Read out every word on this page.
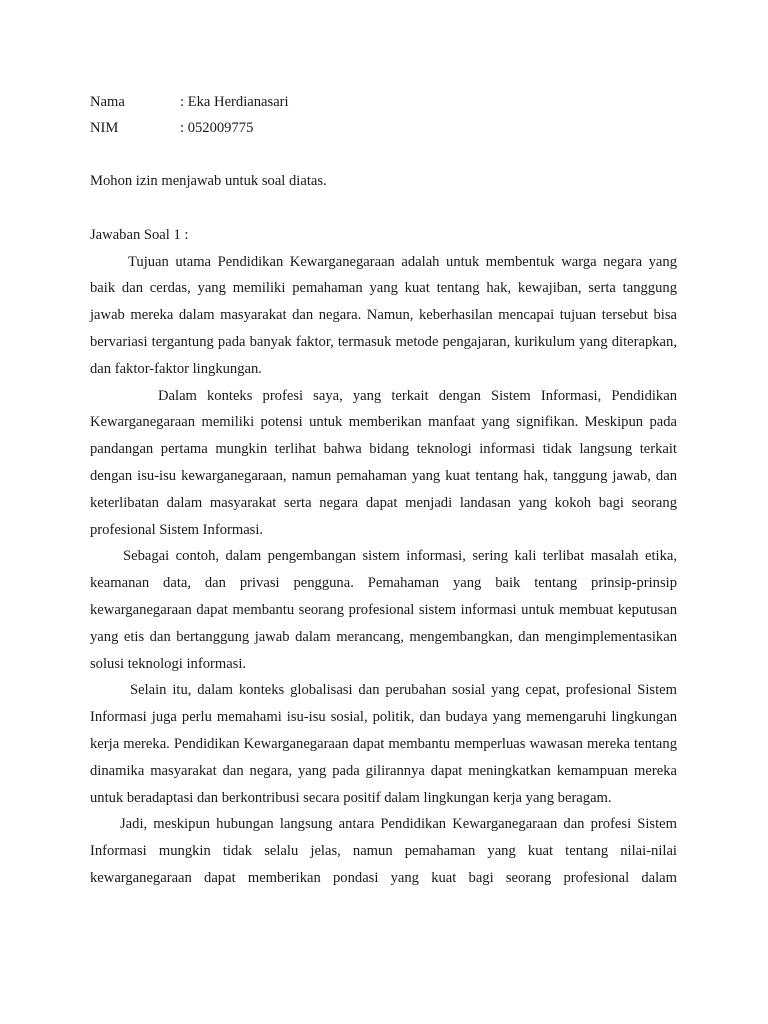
Nama	: Eka Herdianasari
NIM	: 052009775
Mohon izin menjawab untuk soal diatas.
Jawaban Soal 1 :

Tujuan utama Pendidikan Kewarganegaraan adalah untuk membentuk warga negara yang baik dan cerdas, yang memiliki pemahaman yang kuat tentang hak, kewajiban, serta tanggung jawab mereka dalam masyarakat dan negara. Namun, keberhasilan mencapai tujuan tersebut bisa bervariasi tergantung pada banyak faktor, termasuk metode pengajaran, kurikulum yang diterapkan, dan faktor-faktor lingkungan.

Dalam konteks profesi saya, yang terkait dengan Sistem Informasi, Pendidikan Kewarganegaraan memiliki potensi untuk memberikan manfaat yang signifikan. Meskipun pada pandangan pertama mungkin terlihat bahwa bidang teknologi informasi tidak langsung terkait dengan isu-isu kewarganegaraan, namun pemahaman yang kuat tentang hak, tanggung jawab, dan keterlibatan dalam masyarakat serta negara dapat menjadi landasan yang kokoh bagi seorang profesional Sistem Informasi.

Sebagai contoh, dalam pengembangan sistem informasi, sering kali terlibat masalah etika, keamanan data, dan privasi pengguna. Pemahaman yang baik tentang prinsip-prinsip kewarganegaraan dapat membantu seorang profesional sistem informasi untuk membuat keputusan yang etis dan bertanggung jawab dalam merancang, mengembangkan, dan mengimplementasikan solusi teknologi informasi.

Selain itu, dalam konteks globalisasi dan perubahan sosial yang cepat, profesional Sistem Informasi juga perlu memahami isu-isu sosial, politik, dan budaya yang memengaruhi lingkungan kerja mereka. Pendidikan Kewarganegaraan dapat membantu memperluas wawasan mereka tentang dinamika masyarakat dan negara, yang pada gilirannya dapat meningkatkan kemampuan mereka untuk beradaptasi dan berkontribusi secara positif dalam lingkungan kerja yang beragam.

Jadi, meskipun hubungan langsung antara Pendidikan Kewarganegaraan dan profesi Sistem Informasi mungkin tidak selalu jelas, namun pemahaman yang kuat tentang nilai-nilai kewarganegaraan dapat memberikan pondasi yang kuat bagi seorang profesional dalam
